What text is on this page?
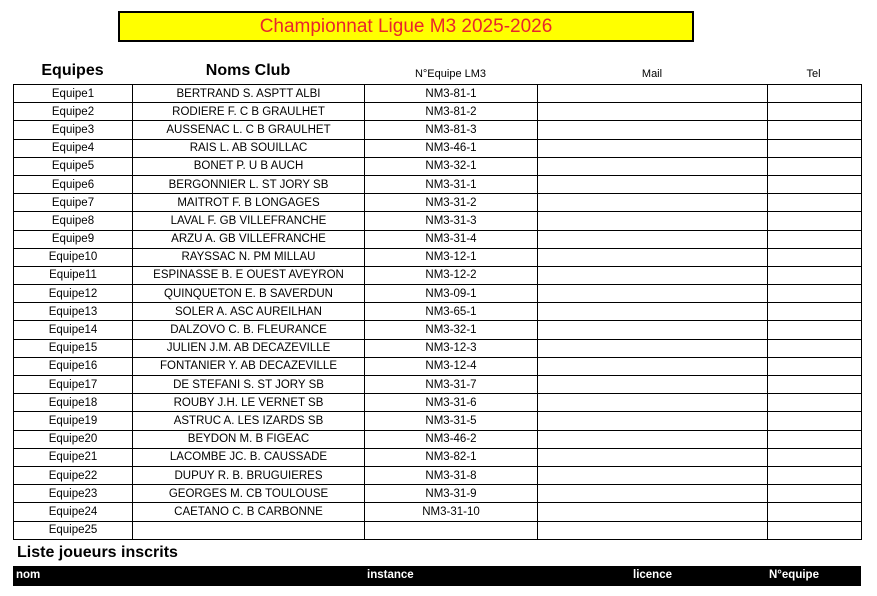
Championnat Ligue M3 2025-2026
Equipes	Noms Club	N°Equipe LM3	Mail	Tel
Equipe1	BERTRAND S. ASPTT ALBI	NM3-81-1		
Equipe2	RODIERE F. C B GRAULHET	NM3-81-2		
Equipe3	AUSSENAC L. C B GRAULHET	NM3-81-3		
Equipe4	RAIS L. AB SOUILLAC	NM3-46-1		
Equipe5	BONET P. U B AUCH	NM3-32-1		
Equipe6	BERGONNIER L. ST JORY SB	NM3-31-1		
Equipe7	MAITROT F. B LONGAGES	NM3-31-2		
Equipe8	LAVAL F. GB VILLEFRANCHE	NM3-31-3		
Equipe9	ARZU A. GB VILLEFRANCHE	NM3-31-4		
Equipe10	RAYSSAC N. PM MILLAU	NM3-12-1		
Equipe11	ESPINASSE B. E OUEST AVEYRON	NM3-12-2		
Equipe12	QUINQUETON E. B SAVERDUN	NM3-09-1		
Equipe13	SOLER A. ASC AUREILHAN	NM3-65-1		
Equipe14	DALZOVO C. B. FLEURANCE	NM3-32-1		
Equipe15	JULIEN J.M. AB DECAZEVILLE	NM3-12-3		
Equipe16	FONTANIER Y. AB DECAZEVILLE	NM3-12-4		
Equipe17	DE STEFANI S. ST JORY SB	NM3-31-7		
Equipe18	ROUBY J.H. LE VERNET SB	NM3-31-6		
Equipe19	ASTRUC A. LES IZARDS SB	NM3-31-5		
Equipe20	BEYDON M. B FIGEAC	NM3-46-2		
Equipe21	LACOMBE JC. B. CAUSSADE	NM3-82-1		
Equipe22	DUPUY R. B. BRUGUIERES	NM3-31-8		
Equipe23	GEORGES M. CB TOULOUSE	NM3-31-9		
Equipe24	CAETANO C. B CARBONNE	NM3-31-10		
Equipe25				
Liste joueurs inscrits
nom	instance	licence	N°equipe
